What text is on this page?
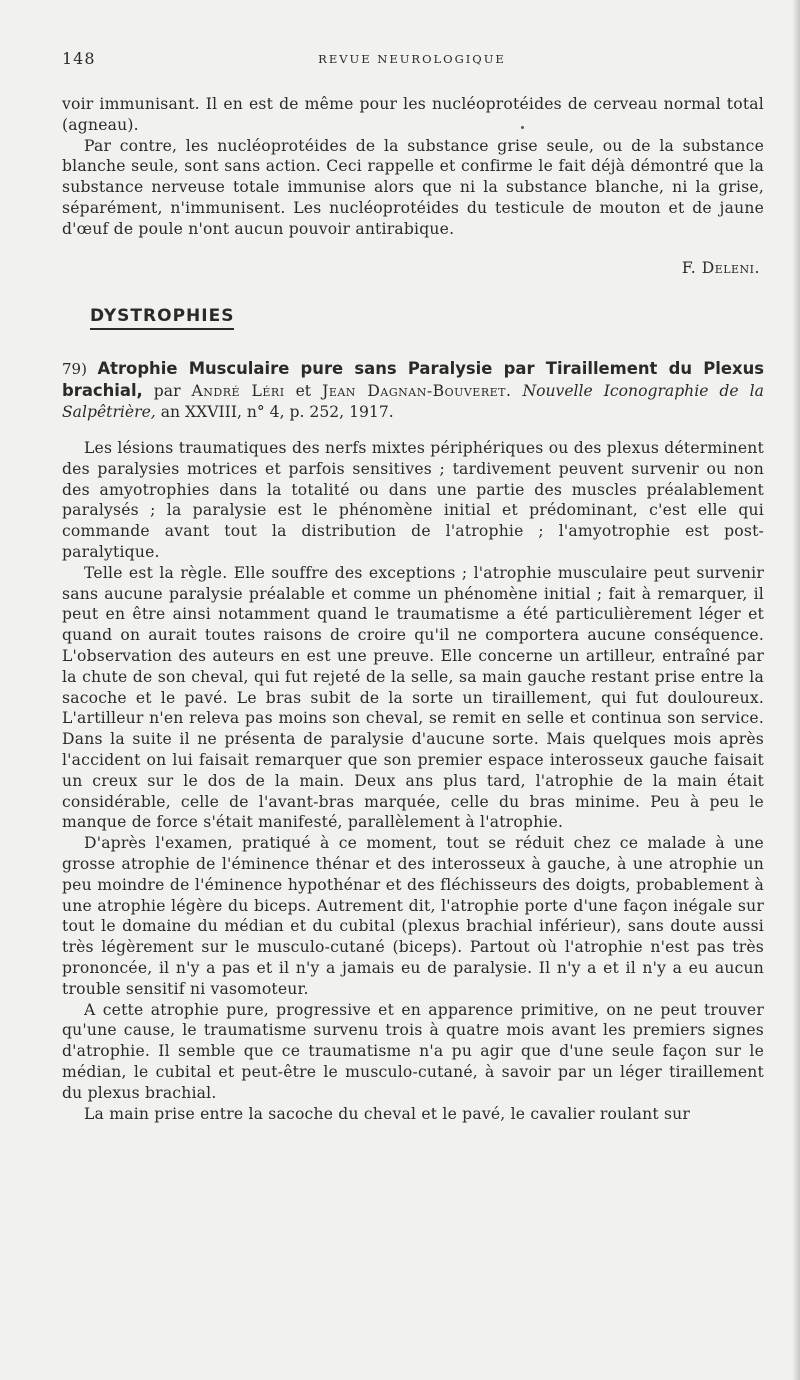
148	REVUE NEUROLOGIQUE

voir immunisant. Il en est de même pour les nucléoprotéides de cerveau normal total (agneau).

Par contre, les nucléoprotéides de la substance grise seule, ou de la substance blanche seule, sont sans action. Ceci rappelle et confirme le fait déjà démontré que la substance nerveuse totale immunise alors que ni la substance blanche, ni la grise, séparément, n'immunisent. Les nucléoprotéides du testicule de mouton et de jaune d'œuf de poule n'ont aucun pouvoir antirabique.

F. Deleni.
DYSTROPHIES
79) Atrophie Musculaire pure sans Paralysie par Tiraillement du Plexus brachial, par André Léri et Jean Dagnan-Bouveret. Nouvelle Iconographie de la Salpêtrière, an XXVIII, n° 4, p. 252, 1917.

Les lésions traumatiques des nerfs mixtes périphériques ou des plexus déterminent des paralysies motrices et parfois sensitives ; tardivement peuvent survenir ou non des amyotrophies dans la totalité ou dans une partie des muscles préalablement paralysés ; la paralysie est le phénomène initial et prédominant, c'est elle qui commande avant tout la distribution de l'atrophie ; l'amyotrophie est post-paralytique.

Telle est la règle. Elle souffre des exceptions ; l'atrophie musculaire peut survenir sans aucune paralysie préalable et comme un phénomène initial ; fait à remarquer, il peut en être ainsi notamment quand le traumatisme a été particulièrement léger et quand on aurait toutes raisons de croire qu'il ne comportera aucune conséquence. L'observation des auteurs en est une preuve. Elle concerne un artilleur, entraîné par la chute de son cheval, qui fut rejeté de la selle, sa main gauche restant prise entre la sacoche et le pavé. Le bras subit de la sorte un tiraillement, qui fut douloureux. L'artilleur n'en releva pas moins son cheval, se remit en selle et continua son service. Dans la suite il ne présenta de paralysie d'aucune sorte. Mais quelques mois après l'accident on lui faisait remarquer que son premier espace interosseux gauche faisait un creux sur le dos de la main. Deux ans plus tard, l'atrophie de la main était considérable, celle de l'avant-bras marquée, celle du bras minime. Peu à peu le manque de force s'était manifesté, parallèlement à l'atrophie.

D'après l'examen, pratiqué à ce moment, tout se réduit chez ce malade à une grosse atrophie de l'éminence thénar et des interosseux à gauche, à une atrophie un peu moindre de l'éminence hypothénar et des fléchisseurs des doigts, probablement à une atrophie légère du biceps. Autrement dit, l'atrophie porte d'une façon inégale sur tout le domaine du médian et du cubital (plexus brachial inférieur), sans doute aussi très légèrement sur le musculo-cutané (biceps). Partout où l'atrophie n'est pas très prononcée, il n'y a pas et il n'y a jamais eu de paralysie. Il n'y a et il n'y a eu aucun trouble sensitif ni vasomoteur.

A cette atrophie pure, progressive et en apparence primitive, on ne peut trouver qu'une cause, le traumatisme survenu trois à quatre mois avant les premiers signes d'atrophie. Il semble que ce traumatisme n'a pu agir que d'une seule façon sur le médian, le cubital et peut-être le musculo-cutané, à savoir par un léger tiraillement du plexus brachial.

La main prise entre la sacoche du cheval et le pavé, le cavalier roulant sur
